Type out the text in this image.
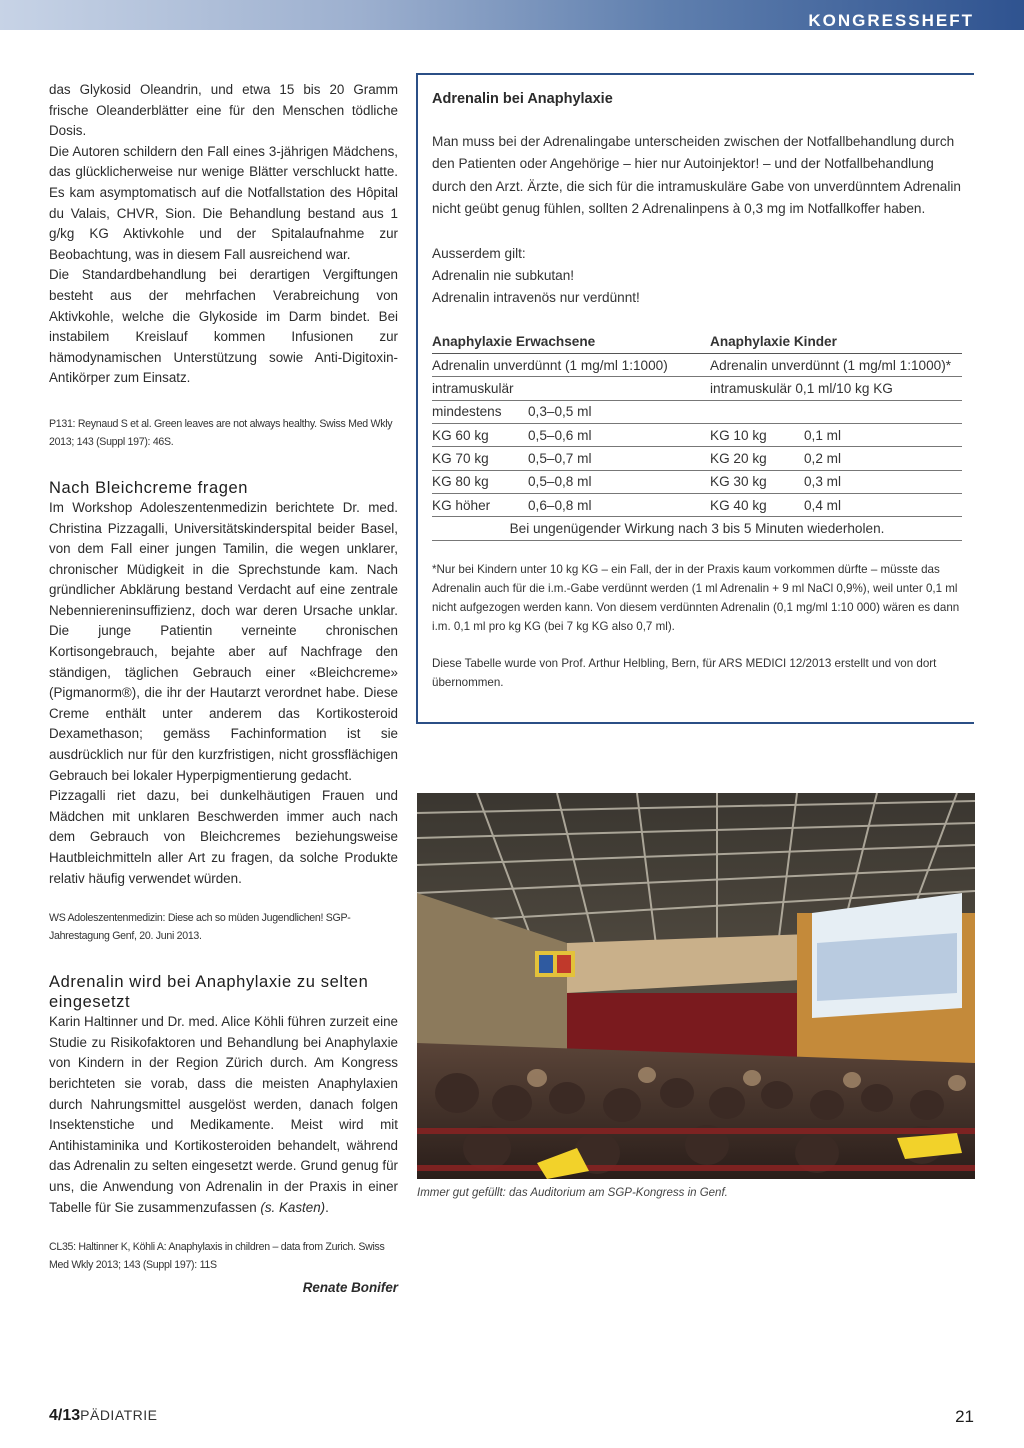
KONGRESSHEFT

das Glykosid Oleandrin, und etwa 15 bis 20 Gramm frische Oleanderblätter eine für den Menschen tödliche Dosis.

Die Autoren schildern den Fall eines 3-jährigen Mädchens, das glücklicherweise nur wenige Blätter verschluckt hatte. Es kam asymptomatisch auf die Notfallstation des Hôpital du Valais, CHVR, Sion. Die Behandlung bestand aus 1 g/kg KG Aktivkohle und der Spitalaufnahme zur Beobachtung, was in diesem Fall ausreichend war.

Die Standardbehandlung bei derartigen Vergiftungen besteht aus der mehrfachen Verabreichung von Aktivkohle, welche die Glykoside im Darm bindet. Bei instabilem Kreislauf kommen Infusionen zur hämodynamischen Unterstützung sowie Anti-Digitoxin-Antikörper zum Einsatz.

P131: Reynaud S et al. Green leaves are not always healthy. Swiss Med Wkly 2013; 143 (Suppl 197): 46S.

Nach Bleichcreme fragen

Im Workshop Adoleszentenmedizin berichtete Dr. med. Christina Pizzagalli, Universitätskinderspital beider Basel, von dem Fall einer jungen Tamilin, die wegen unklarer, chronischer Müdigkeit in die Sprechstunde kam. Nach gründlicher Abklärung bestand Verdacht auf eine zentrale Nebenniereninsuffizienz, doch war deren Ursache unklar. Die junge Patientin verneinte chronischen Kortisongebrauch, bejahte aber auf Nachfrage den ständigen, täglichen Gebrauch einer «Bleichcreme» (Pigmanorm®), die ihr der Hautarzt verordnet habe. Diese Creme enthält unter anderem das Kortikosteroid Dexamethason; gemäss Fachinformation ist sie ausdrücklich nur für den kurzfristigen, nicht grossflächigen Gebrauch bei lokaler Hyperpigmentierung gedacht.

Pizzagalli riet dazu, bei dunkelhäutigen Frauen und Mädchen mit unklaren Beschwerden immer auch nach dem Gebrauch von Bleichcremes beziehungsweise Hautbleichmitteln aller Art zu fragen, da solche Produkte relativ häufig verwendet würden.

WS Adoleszentenmedizin: Diese ach so müden Jugendlichen! SGP-Jahrestagung Genf, 20. Juni 2013.

Adrenalin wird bei Anaphylaxie zu selten eingesetzt

Karin Haltinner und Dr. med. Alice Köhli führen zurzeit eine Studie zu Risikofaktoren und Behandlung bei Anaphylaxie von Kindern in der Region Zürich durch. Am Kongress berichteten sie vorab, dass die meisten Anaphylaxien durch Nahrungsmittel ausgelöst werden, danach folgen Insektenstiche und Medikamente. Meist wird mit Antihistaminika und Kortikosteroiden behandelt, während das Adrenalin zu selten eingesetzt werde. Grund genug für uns, die Anwendung von Adrenalin in der Praxis in einer Tabelle für Sie zusammenzufassen (s. Kasten).

CL35: Haltinner K, Köhli A: Anaphylaxis in children – data from Zurich. Swiss Med Wkly 2013; 143 (Suppl 197): 11S

Renate Bonifer

Adrenalin bei Anaphylaxie

Man muss bei der Adrenalingabe unterscheiden zwischen der Notfallbehandlung durch den Patienten oder Angehörige – hier nur Autoinjektor! – und der Notfallbehandlung durch den Arzt. Ärzte, die sich für die intramuskuläre Gabe von unverdünntem Adrenalin nicht geübt genug fühlen, sollten 2 Adrenalinpens à 0,3 mg im Notfallkoffer haben.

Ausserdem gilt:

Adrenalin nie subkutan!

Adrenalin intravenös nur verdünnt!

Anaphylaxie Erwachsene		Anaphylaxie Kinder	
Adrenalin unverdünnt (1 mg/ml 1:1000)		Adrenalin unverdünnt (1 mg/ml 1:1000)*	
intramuskulär		intramuskulär 0,1 ml/10 kg KG	
mindestens	0,3–0,5 ml		
KG 60 kg	0,5–0,6 ml	KG 10 kg	0,1 ml
KG 70 kg	0,5–0,7 ml	KG 20 kg	0,2 ml
KG 80 kg	0,5–0,8 ml	KG 30 kg	0,3 ml
KG höher	0,6–0,8 ml	KG 40 kg	0,4 ml
Bei ungenügender Wirkung nach 3 bis 5 Minuten wiederholen.			

*Nur bei Kindern unter 10 kg KG – ein Fall, der in der Praxis kaum vorkommen dürfte – müsste das Adrenalin auch für die i.m.-Gabe verdünnt werden (1 ml Adrenalin + 9 ml NaCl 0,9%), weil unter 0,1 ml nicht aufgezogen werden kann. Von diesem verdünnten Adrenalin (0,1 mg/ml 1:10 000) wären es dann i.m. 0,1 ml pro kg KG (bei 7 kg KG also 0,7 ml).

Diese Tabelle wurde von Prof. Arthur Helbling, Bern, für ARS MEDICI 12/2013 erstellt und von dort übernommen.

Immer gut gefüllt: das Auditorium am SGP-Kongress in Genf.
4/13PÄDIATRIE	21
